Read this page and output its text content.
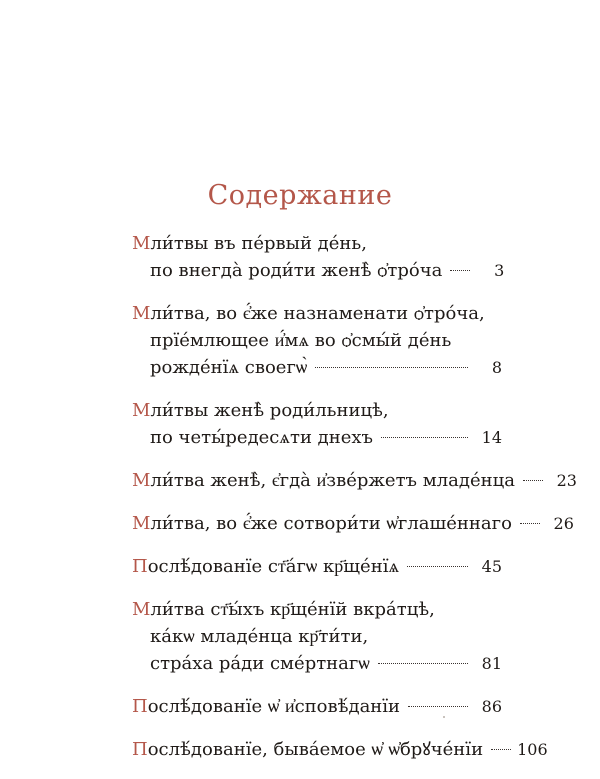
Содержание
Мли́твы въ пе́рвый де́нь,
по внегда̀ роди́ти женѣ̀ ѻ҆тро́ча	3
Мли́тва, во є҆́же назнаменати ѻ҆тро́ча,
прїе́млющее и҆́мѧ во ѻ҆смы́й де́нь
рожде́нїѧ своегѡ̀	8
Мли́твы женѣ̀ роди́льницѣ,
по четы́редесѧти днехъ	14
Мли́тва женѣ̀, є҆гда̀ и҆зве́ржетъ младе́нца	23
Мли́тва, во є҆́же сотвори́ти ѡ҆глаше́ннаго	26
Послѣ́дованїе ст҃а́гѡ кр҃ще́нїѧ	45
Мли́тва ст҃ы́хъ кр҃ще́нїй вкра́тцѣ,
ка́кѡ младе́нца кр҃ти́ти,
стра́ха ра́ди сме́ртнагѡ	81
Послѣ́дованїе ѡ҆ и҆сповѣ́данїи	86
Послѣ́дованїе, быва́емое ѡ҆ ѡ҆брꙋче́нїи 106
